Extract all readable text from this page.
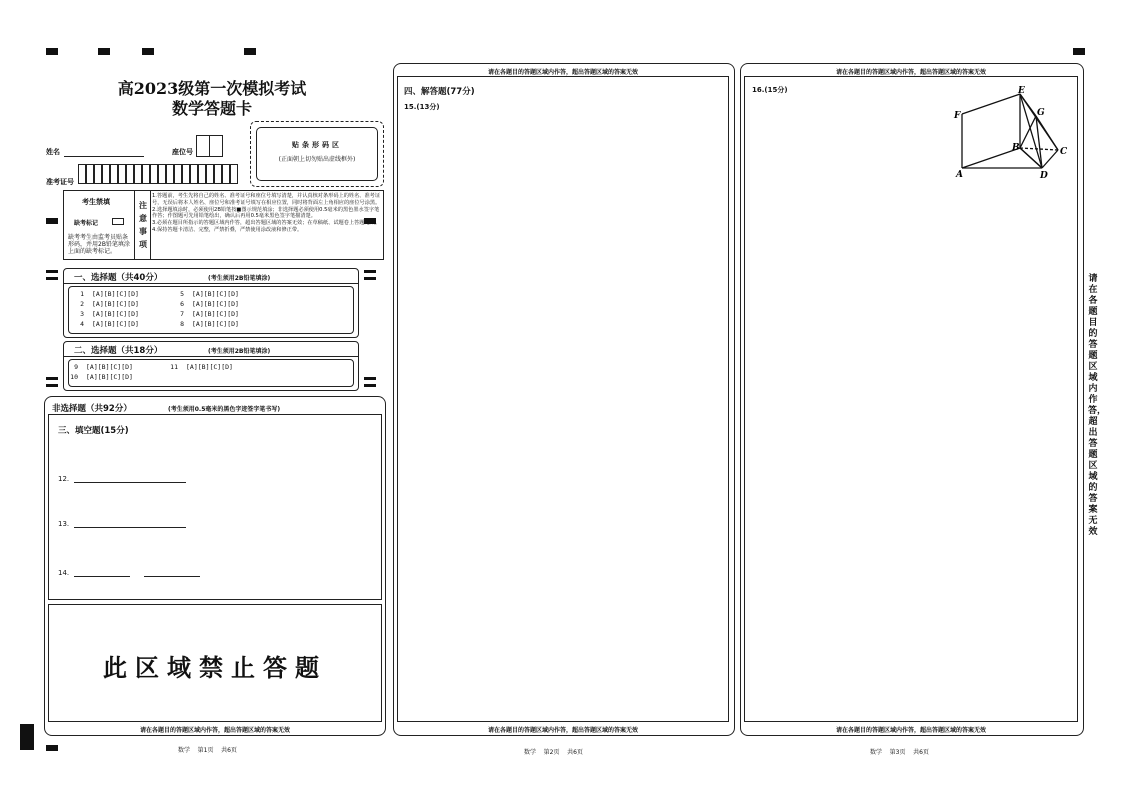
高2023级第一次模拟考试
数学答题卡
姓名	座位号
准考证号
贴条形码区
(正面朝上切勿贴出虚线框外)
考生禁填
缺考标记
缺考考生由监考员贴条形码，并用2B铅笔填涂上面的缺考标记。
注
意
事
项
1.答题前，考生先将自己的姓名、准考证号和座位号填写清楚，并认真核对条形码上的姓名、准考证号，无误后将本人姓名、座位号和准考证号填写在相应位置，同时将背面左上角相应的座位号涂黑。
2.选择题填涂时，必须使用2B铅笔按■图示规范填涂；非选择题必须使用0.5毫米的黑色墨水签字笔作答；作图题可先用铅笔绘出，确认后再用0.5毫米黑色签字笔描清楚。
3.必须在题目所指示的答题区域内作答，超出答题区域的答案无效；在草稿纸、试题卷上答题无效。
4.保持答题卡清洁、完整，严禁折叠，严禁使用涂改液和修正带。
一、选择题（共40分）	(考生须用2B铅笔填涂)
1 [A][B][C][D]
2 [A][B][C][D]
3 [A][B][C][D]
4 [A][B][C][D]
5 [A][B][C][D]
6 [A][B][C][D]
7 [A][B][C][D]
8 [A][B][C][D]
二、选择题（共18分）	(考生须用2B铅笔填涂)
9 [A][B][C][D]
10 [A][B][C][D]
11 [A][B][C][D]
非选择题（共92分）	(考生须用0.5毫米的黑色字迹签字笔书写)
三、填空题(15分)
12.
13.
14.
此区域禁止答题
请在各题目的答题区域内作答，超出答题区域的答案无效
数学    第1页    共6页
请在各题目的答题区域内作答，超出答题区域的答案无效
四、解答题(77分)
15.(13分)
请在各题目的答题区域内作答，超出答题区域的答案无效
数学    第2页    共6页
请在各题目的答题区域内作答，超出答题区域的答案无效
16.(15分)	E
F	G
B	C
A	D
请在各题目的答题区域内作答，超出答题区域的答案无效
数学    第3页    共6页
请在各题目的答题区域内作答，超出答题区域的答案无效
